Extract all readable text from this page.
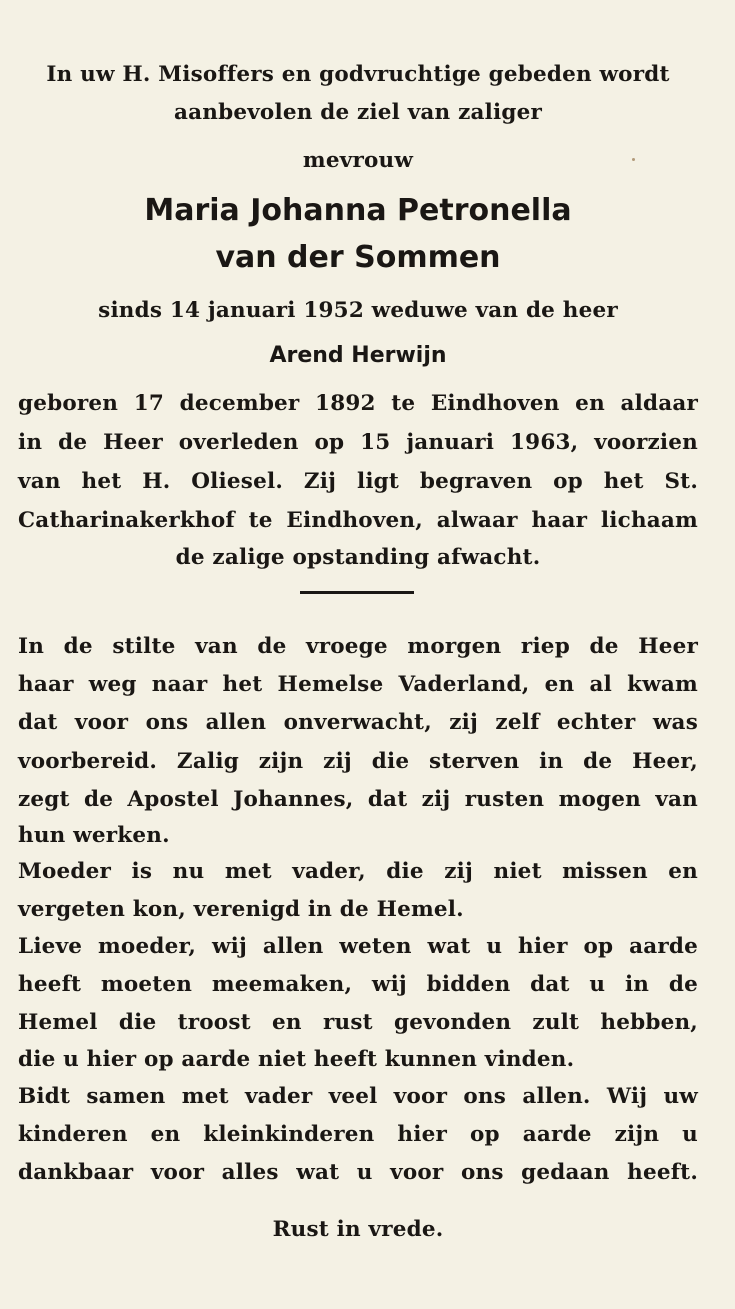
In uw H. Misoffers en godvruchtige gebeden wordt
aanbevolen de ziel van zaliger
mevrouw
Maria Johanna Petronella
van der Sommen
sinds 14 januari 1952 weduwe van de heer
Arend Herwijn
geboren 17 december 1892 te Eindhoven en aldaar
in de Heer overleden op 15 januari 1963, voorzien
van het H. Oliesel. Zij ligt begraven op het St.
Catharinakerkhof te Eindhoven, alwaar haar lichaam
de zalige opstanding afwacht.
In de stilte van de vroege morgen riep de Heer
haar weg naar het Hemelse Vaderland, en al kwam
dat voor ons allen onverwacht, zij zelf echter was
voorbereid. Zalig zijn zij die sterven in de Heer,
zegt de Apostel Johannes, dat zij rusten mogen van
hun werken.
Moeder is nu met vader, die zij niet missen en
vergeten kon, verenigd in de Hemel.
Lieve moeder, wij allen weten wat u hier op aarde
heeft moeten meemaken, wij bidden dat u in de
Hemel die troost en rust gevonden zult hebben,
die u hier op aarde niet heeft kunnen vinden.
Bidt samen met vader veel voor ons allen. Wij uw
kinderen en kleinkinderen hier op aarde zijn u
dankbaar voor alles wat u voor ons gedaan heeft.
Rust in vrede.
